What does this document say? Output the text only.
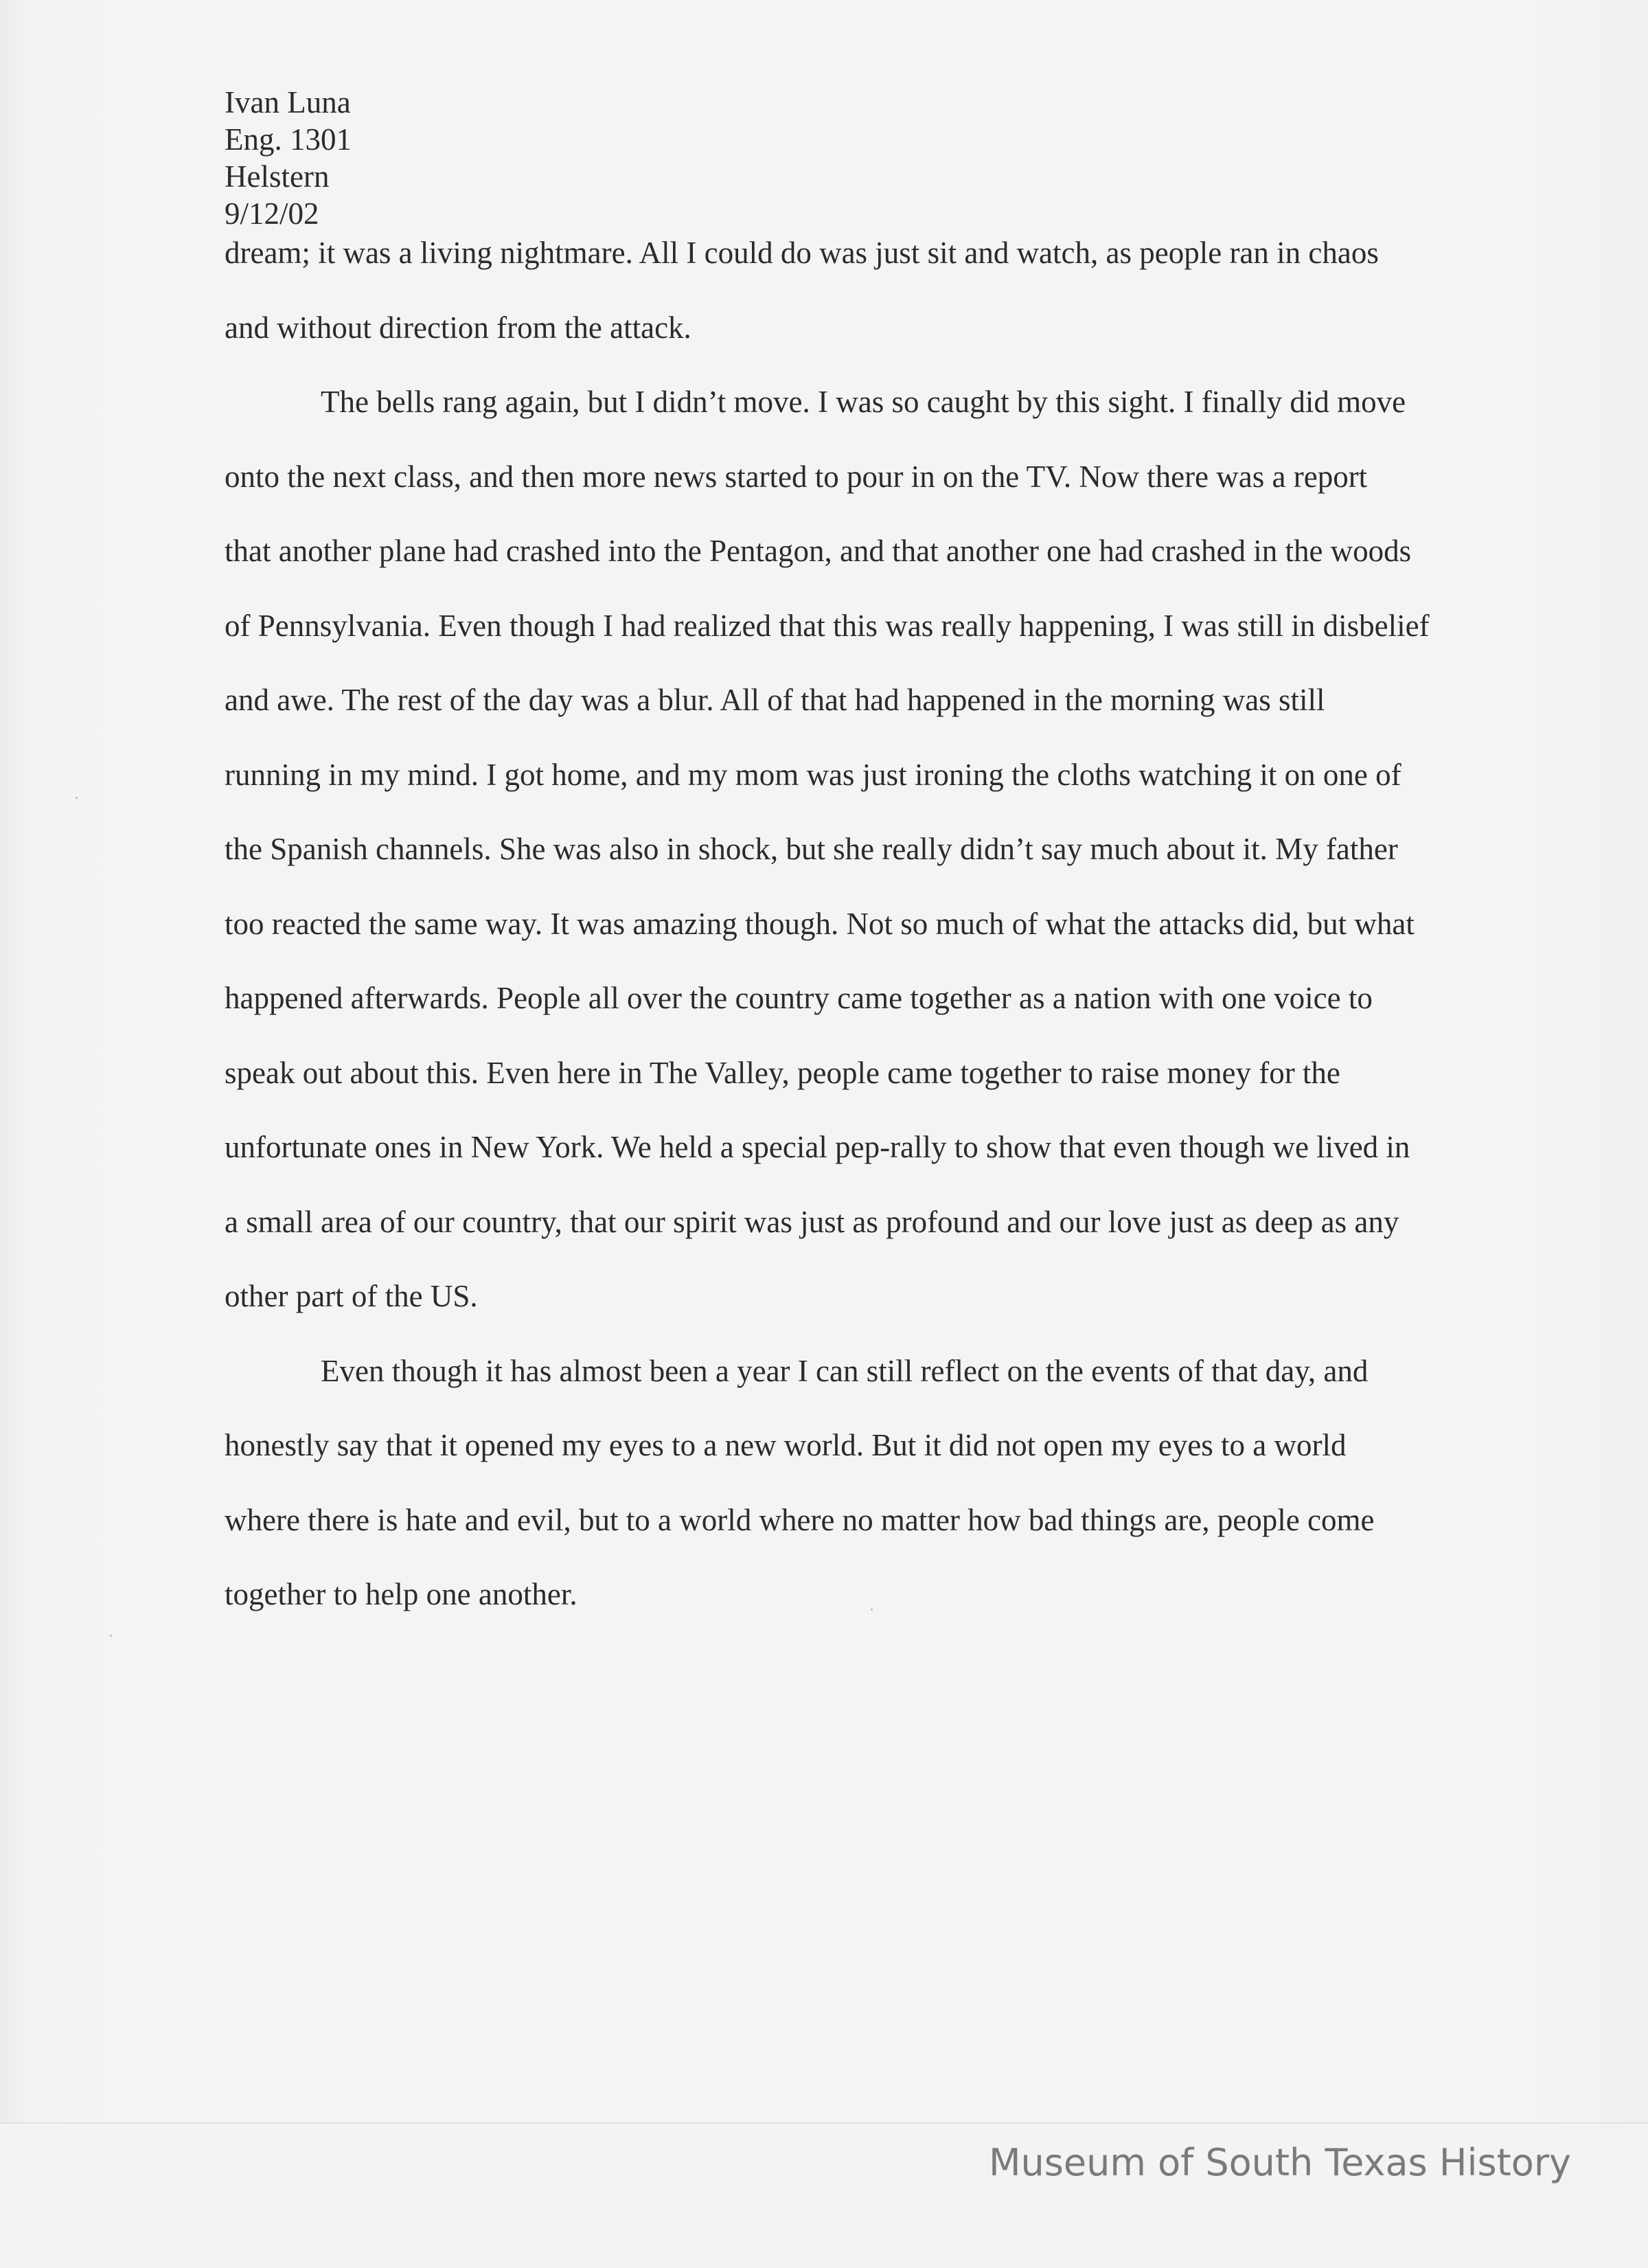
Ivan Luna
Eng. 1301
Helstern
9/12/02
dream; it was a living nightmare. All I could do was just sit and watch, as people ran in chaos
and without direction from the attack.
The bells rang again, but I didn’t move. I was so caught by this sight. I finally did move
onto the next class, and then more news started to pour in on the TV. Now there was a report
that another plane had crashed into the Pentagon, and that another one had crashed in the woods
of Pennsylvania. Even though I had realized that this was really happening, I was still in disbelief
and awe. The rest of the day was a blur. All of that had happened in the morning was still
running in my mind. I got home, and my mom was just ironing the cloths watching it on one of
the Spanish channels. She was also in shock, but she really didn’t say much about it. My father
too reacted the same way. It was amazing though. Not so much of what the attacks did, but what
happened afterwards. People all over the country came together as a nation with one voice to
speak out about this. Even here in The Valley, people came together to raise money for the
unfortunate ones in New York. We held a special pep-rally to show that even though we lived in
a small area of our country, that our spirit was just as profound and our love just as deep as any
other part of the US.
Even though it has almost been a year I can still reflect on the events of that day, and
honestly say that it opened my eyes to a new world. But it did not open my eyes to a world
where there is hate and evil, but to a world where no matter how bad things are, people come
together to help one another.
Museum of South Texas History
